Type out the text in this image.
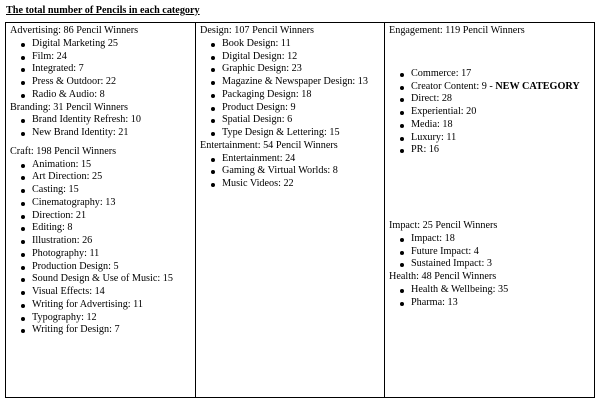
The total number of Pencils in each category
Advertising: 86 Pencil Winners
Digital Marketing 25
Film: 24
Integrated: 7
Press & Outdoor: 22
Radio & Audio: 8
Branding: 31 Pencil Winners
Brand Identity Refresh: 10
New Brand Identity: 21
Craft: 198 Pencil Winners
Animation: 15
Art Direction: 25
Casting: 15
Cinematography: 13
Direction: 21
Editing: 8
Illustration: 26
Photography: 11
Production Design: 5
Sound Design & Use of Music: 15
Visual Effects: 14
Writing for Advertising: 11
Typography: 12
Writing for Design: 7
Design: 107 Pencil Winners
Book Design: 11
Digital Design: 12
Graphic Design: 23
Magazine & Newspaper Design: 13
Packaging Design: 18
Product Design: 9
Spatial Design: 6
Type Design & Lettering: 15
Entertainment: 54 Pencil Winners
Entertainment: 24
Gaming & Virtual Worlds: 8
Music Videos: 22
Engagement: 119 Pencil Winners
Commerce: 17
Creator Content: 9 - NEW CATEGORY
Direct: 28
Experiential: 20
Media: 18
Luxury: 11
PR: 16
Impact: 25 Pencil Winners
Impact: 18
Future Impact: 4
Sustained Impact: 3
Health: 48 Pencil Winners
Health & Wellbeing: 35
Pharma: 13
